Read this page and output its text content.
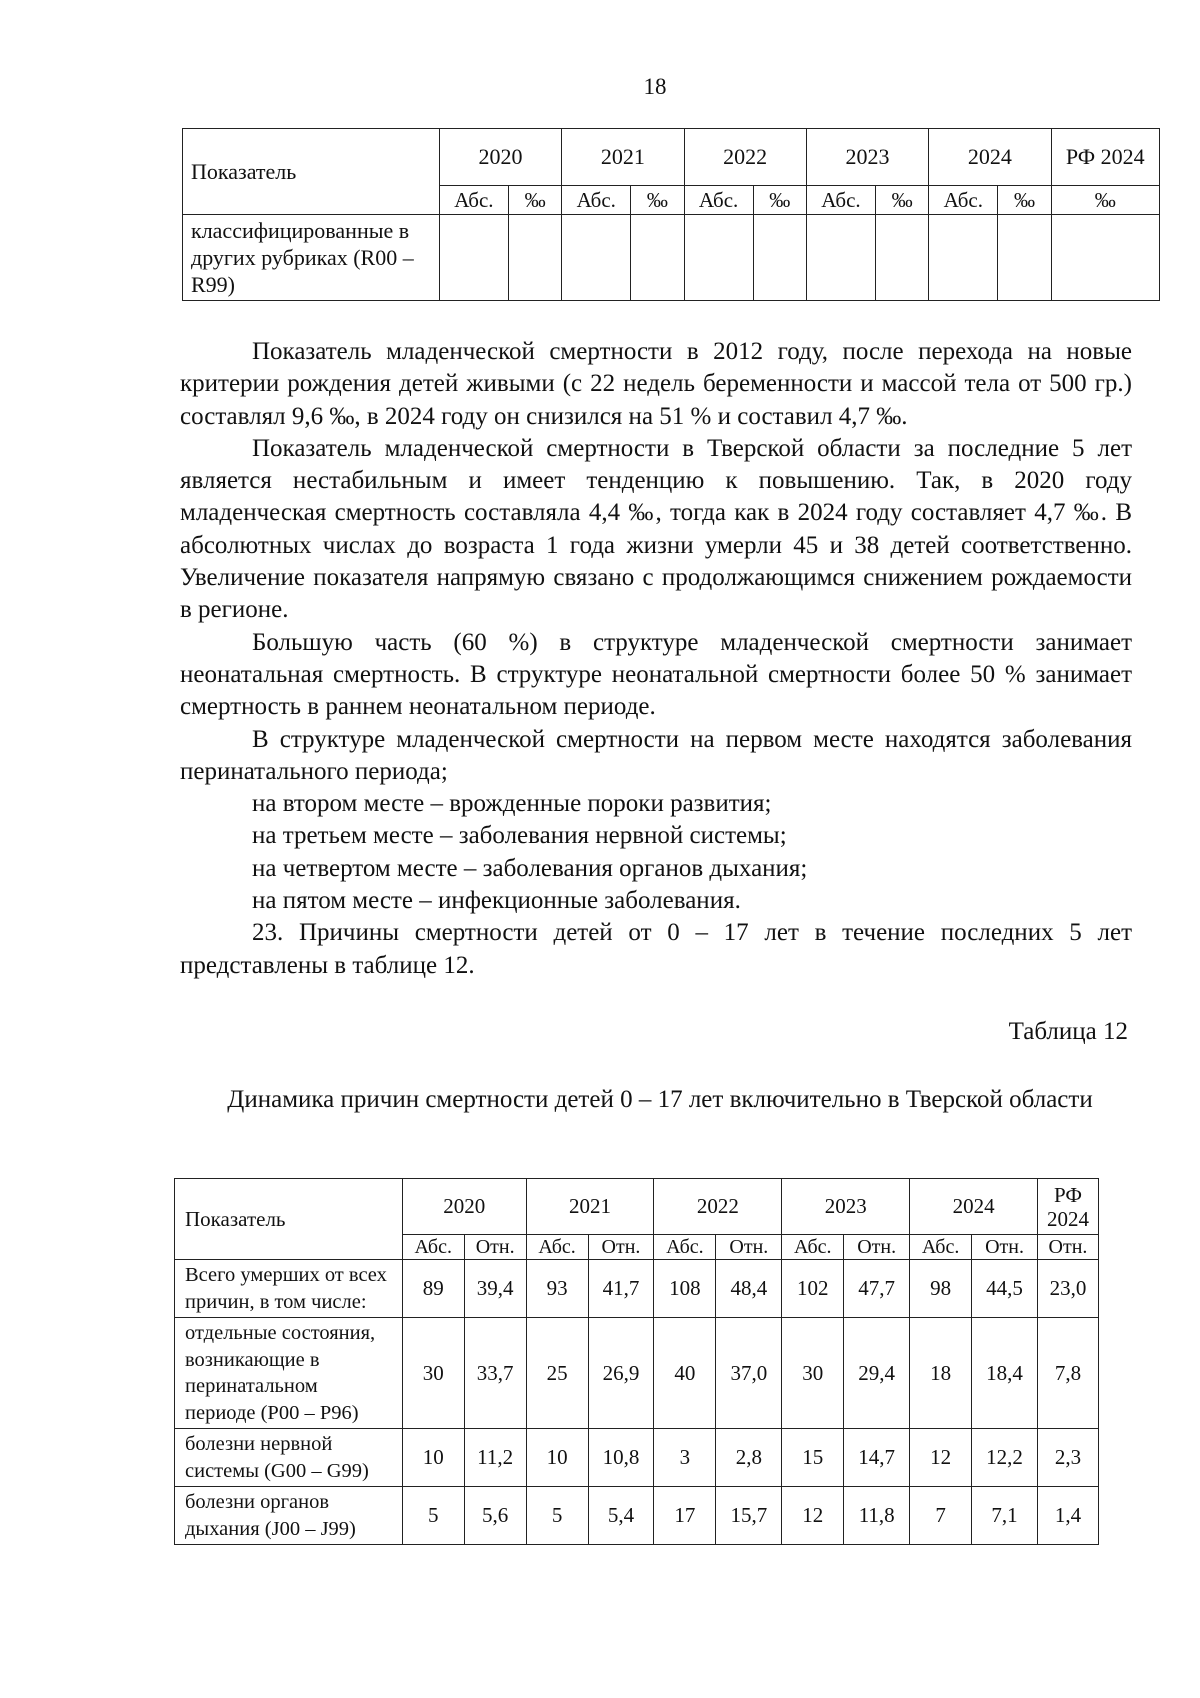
18
Показатель	2020		2021		2022		2023		2024		РФ 2024
	Абс.	‰	Абс.	‰	Абс.	‰	Абс.	‰	Абс.	‰	‰
классифицированные в других рубриках (R00 – R99)											

Показатель младенческой смертности в 2012 году, после перехода на новые критерии рождения детей живыми (с 22 недель беременности и массой тела от 500 гр.) составлял 9,6 ‰, в 2024 году он снизился на 51 % и составил 4,7 ‰.

Показатель младенческой смертности в Тверской области за последние 5 лет является нестабильным и имеет тенденцию к повышению. Так, в 2020 году младенческая смертность составляла 4,4 ‰, тогда как в 2024 году составляет 4,7 ‰. В абсолютных числах до возраста 1 года жизни умерли 45 и 38 детей соответственно. Увеличение показателя напрямую связано с продолжающимся снижением рождаемости в регионе.

Большую часть (60 %) в структуре младенческой смертности занимает неонатальная смертность. В структуре неонатальной смертности более 50 % занимает смертность в раннем неонатальном периоде.

В структуре младенческой смертности на первом месте находятся заболевания перинатального периода;

на втором месте – врожденные пороки развития;

на третьем месте – заболевания нервной системы;

на четвертом месте – заболевания органов дыхания;

на пятом месте – инфекционные заболевания.

23. Причины смертности детей от 0 – 17 лет в течение последних 5 лет представлены в таблице 12.

Таблица 12
Динамика причин смертности детей 0 – 17 лет включительно в Тверской области
Показатель	2020		2021		2022		2023		2024		РФ 2024
	Абс.	Отн.	Абс.	Отн.	Абс.	Отн.	Абс.	Отн.	Абс.	Отн.	Отн.
Всего умерших от всех причин, в том числе:	89	39,4	93	41,7	108	48,4	102	47,7	98	44,5	23,0
отдельные состояния, возникающие в перинатальном периоде (P00 – P96)	30	33,7	25	26,9	40	37,0	30	29,4	18	18,4	7,8
болезни нервной системы (G00 – G99)	10	11,2	10	10,8	3	2,8	15	14,7	12	12,2	2,3
болезни органов дыхания (J00 – J99)	5	5,6	5	5,4	17	15,7	12	11,8	7	7,1	1,4
